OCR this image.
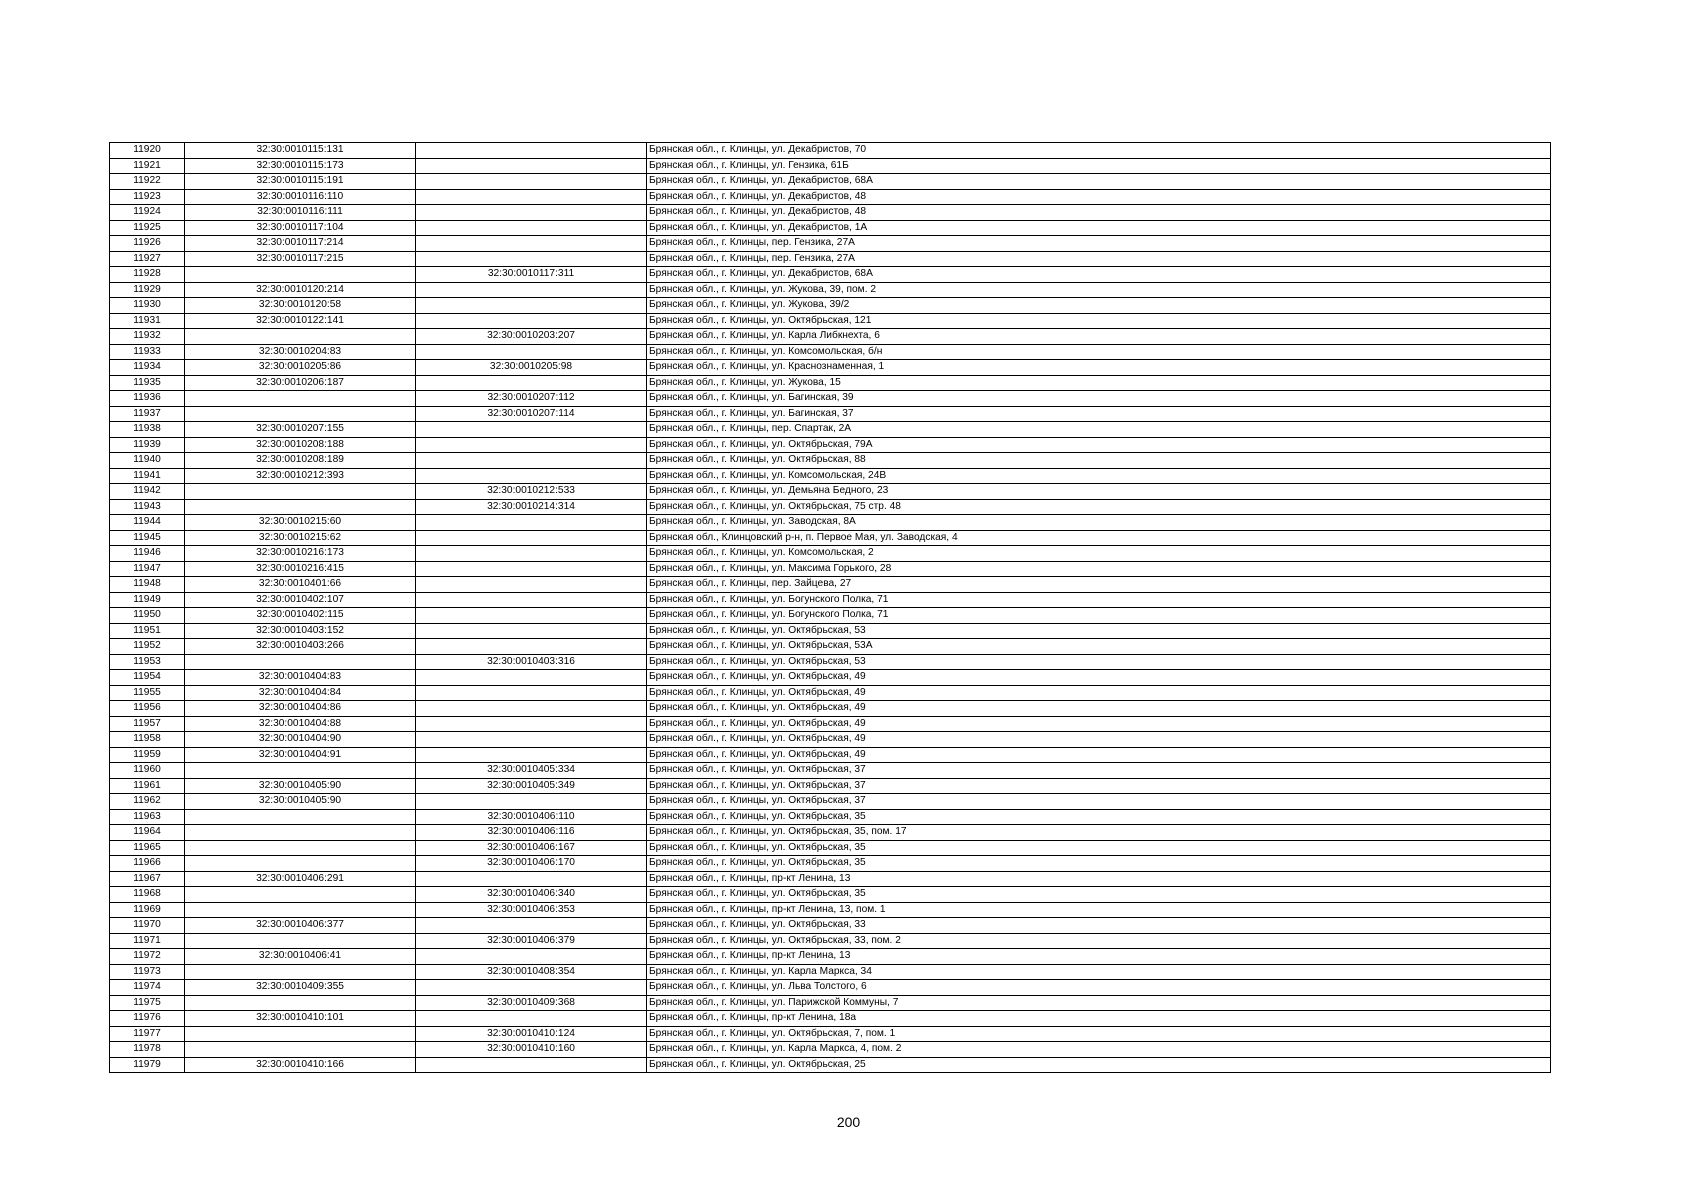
11920	32:30:0010115:131		Брянская обл., г. Клинцы, ул. Декабристов, 70
11921	32:30:0010115:173		Брянская обл., г. Клинцы, ул. Гензика, 61Б
11922	32:30:0010115:191		Брянская обл., г. Клинцы, ул. Декабристов, 68А
11923	32:30:0010116:110		Брянская обл., г. Клинцы, ул. Декабристов, 48
11924	32:30:0010116:111		Брянская обл., г. Клинцы, ул. Декабристов, 48
11925	32:30:0010117:104		Брянская обл., г. Клинцы, ул. Декабристов, 1А
11926	32:30:0010117:214		Брянская обл., г. Клинцы, пер. Гензика, 27А
11927	32:30:0010117:215		Брянская обл., г. Клинцы, пер. Гензика, 27А
11928		32:30:0010117:311	Брянская обл., г. Клинцы, ул. Декабристов, 68А
11929	32:30:0010120:214		Брянская обл., г. Клинцы, ул. Жукова, 39, пом. 2
11930	32:30:0010120:58		Брянская обл., г. Клинцы, ул. Жукова, 39/2
11931	32:30:0010122:141		Брянская обл., г. Клинцы, ул. Октябрьская, 121
11932		32:30:0010203:207	Брянская обл., г. Клинцы, ул. Карла Либкнехта, 6
11933	32:30:0010204:83		Брянская обл., г. Клинцы, ул. Комсомольская, б/н
11934	32:30:0010205:86	32:30:0010205:98	Брянская обл., г. Клинцы, ул. Краснознаменная, 1
11935	32:30:0010206:187		Брянская обл., г. Клинцы, ул. Жукова, 15
11936		32:30:0010207:112	Брянская обл., г. Клинцы, ул. Багинская, 39
11937		32:30:0010207:114	Брянская обл., г. Клинцы, ул. Багинская, 37
11938	32:30:0010207:155		Брянская обл., г. Клинцы, пер. Спартак, 2А
11939	32:30:0010208:188		Брянская обл., г. Клинцы, ул. Октябрьская, 79А
11940	32:30:0010208:189		Брянская обл., г. Клинцы, ул. Октябрьская, 88
11941	32:30:0010212:393		Брянская обл., г. Клинцы, ул. Комсомольская, 24В
11942		32:30:0010212:533	Брянская обл., г. Клинцы, ул. Демьяна Бедного, 23
11943		32:30:0010214:314	Брянская обл., г. Клинцы, ул. Октябрьская, 75 стр. 48
11944	32:30:0010215:60		Брянская обл., г. Клинцы, ул. Заводская, 8А
11945	32:30:0010215:62		Брянская обл., Клинцовский р-н, п. Первое Мая, ул. Заводская, 4
11946	32:30:0010216:173		Брянская обл., г. Клинцы, ул. Комсомольская, 2
11947	32:30:0010216:415		Брянская обл., г. Клинцы, ул. Максима Горького, 28
11948	32:30:0010401:66		Брянская обл., г. Клинцы, пер. Зайцева, 27
11949	32:30:0010402:107		Брянская обл., г. Клинцы, ул. Богунского Полка, 71
11950	32:30:0010402:115		Брянская обл., г. Клинцы, ул. Богунского Полка, 71
11951	32:30:0010403:152		Брянская обл., г. Клинцы, ул. Октябрьская, 53
11952	32:30:0010403:266		Брянская обл., г. Клинцы, ул. Октябрьская, 53А
11953		32:30:0010403:316	Брянская обл., г. Клинцы, ул. Октябрьская, 53
11954	32:30:0010404:83		Брянская обл., г. Клинцы, ул. Октябрьская, 49
11955	32:30:0010404:84		Брянская обл., г. Клинцы, ул. Октябрьская, 49
11956	32:30:0010404:86		Брянская обл., г. Клинцы, ул. Октябрьская, 49
11957	32:30:0010404:88		Брянская обл., г. Клинцы, ул. Октябрьская, 49
11958	32:30:0010404:90		Брянская обл., г. Клинцы, ул. Октябрьская, 49
11959	32:30:0010404:91		Брянская обл., г. Клинцы, ул. Октябрьская, 49
11960		32:30:0010405:334	Брянская обл., г. Клинцы, ул. Октябрьская, 37
11961	32:30:0010405:90	32:30:0010405:349	Брянская обл., г. Клинцы, ул. Октябрьская, 37
11962	32:30:0010405:90		Брянская обл., г. Клинцы, ул. Октябрьская, 37
11963		32:30:0010406:110	Брянская обл., г. Клинцы, ул. Октябрьская, 35
11964		32:30:0010406:116	Брянская обл., г. Клинцы, ул. Октябрьская, 35, пом. 17
11965		32:30:0010406:167	Брянская обл., г. Клинцы, ул. Октябрьская, 35
11966		32:30:0010406:170	Брянская обл., г. Клинцы, ул. Октябрьская, 35
11967	32:30:0010406:291		Брянская обл., г. Клинцы, пр-кт Ленина, 13
11968		32:30:0010406:340	Брянская обл., г. Клинцы, ул. Октябрьская, 35
11969		32:30:0010406:353	Брянская обл., г. Клинцы, пр-кт Ленина, 13, пом. 1
11970	32:30:0010406:377		Брянская обл., г. Клинцы, ул. Октябрьская, 33
11971		32:30:0010406:379	Брянская обл., г. Клинцы, ул. Октябрьская, 33, пом. 2
11972	32:30:0010406:41		Брянская обл., г. Клинцы, пр-кт Ленина, 13
11973		32:30:0010408:354	Брянская обл., г. Клинцы, ул. Карла Маркса, 34
11974	32:30:0010409:355		Брянская обл., г. Клинцы, ул. Льва Толстого, 6
11975		32:30:0010409:368	Брянская обл., г. Клинцы, ул. Парижской Коммуны, 7
11976	32:30:0010410:101		Брянская обл., г. Клинцы, пр-кт Ленина, 18а
11977		32:30:0010410:124	Брянская обл., г. Клинцы, ул. Октябрьская, 7, пом. 1
11978		32:30:0010410:160	Брянская обл., г. Клинцы, ул. Карла Маркса, 4, пом. 2
11979	32:30:0010410:166		Брянская обл., г. Клинцы, ул. Октябрьская, 25
200
